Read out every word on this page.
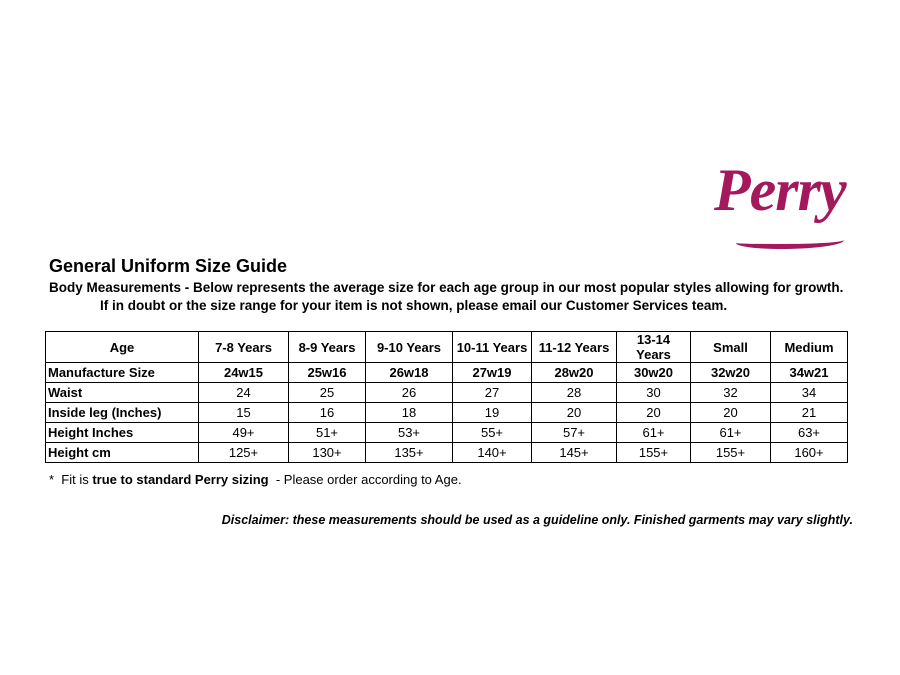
Perry
General Uniform Size Guide
Body Measurements - Below represents the average size for each age group in our most popular styles allowing for growth.
If in doubt or the size range for your item is not shown, please email our Customer Services team.
Age	7-8 Years	8-9 Years	9-10 Years	10-11 Years	11-12 Years	13-14 Years	Small	Medium
Manufacture Size	24w15	25w16	26w18	27w19	28w20	30w20	32w20	34w21
Waist	24	25	26	27	28	30	32	34
Inside leg (Inches)	15	16	18	19	20	20	20	21
Height Inches	49+	51+	53+	55+	57+	61+	61+	63+
Height cm	125+	130+	135+	140+	145+	155+	155+	160+
*  Fit is true to standard Perry sizing  - Please order according to Age.
Disclaimer: these measurements should be used as a guideline only. Finished garments may vary slightly.
